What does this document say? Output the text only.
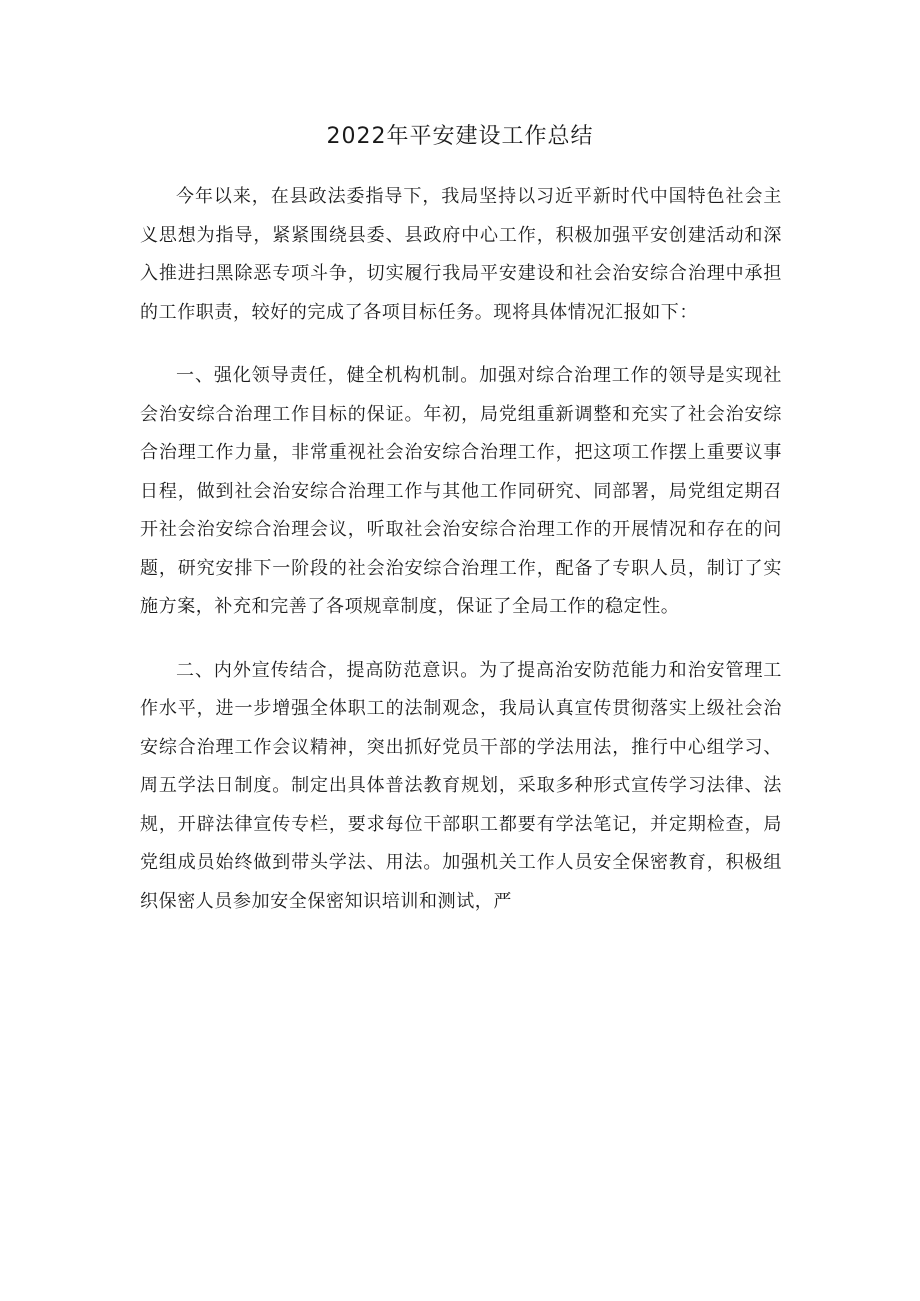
2022年平安建设工作总结

今年以来，在县政法委指导下，我局坚持以习近平新时代中国特色社会主义思想为指导，紧紧围绕县委、县政府中心工作，积极加强平安创建活动和深入推进扫黑除恶专项斗争，切实履行我局平安建设和社会治安综合治理中承担的工作职责，较好的完成了各项目标任务。现将具体情况汇报如下：

一、强化领导责任，健全机构机制。加强对综合治理工作的领导是实现社会治安综合治理工作目标的保证。年初，局党组重新调整和充实了社会治安综合治理工作力量，非常重视社会治安综合治理工作，把这项工作摆上重要议事日程，做到社会治安综合治理工作与其他工作同研究、同部署，局党组定期召开社会治安综合治理会议，听取社会治安综合治理工作的开展情况和存在的问题，研究安排下一阶段的社会治安综合治理工作，配备了专职人员，制订了实施方案，补充和完善了各项规章制度，保证了全局工作的稳定性。

二、内外宣传结合，提高防范意识。为了提高治安防范能力和治安管理工作水平，进一步增强全体职工的法制观念，我局认真宣传贯彻落实上级社会治安综合治理工作会议精神，突出抓好党员干部的学法用法，推行中心组学习、周五学法日制度。制定出具体普法教育规划，采取多种形式宣传学习法律、法规，开辟法律宣传专栏，要求每位干部职工都要有学法笔记，并定期检查，局党组成员始终做到带头学法、用法。加强机关工作人员安全保密教育，积极组织保密人员参加安全保密知识培训和测试，严
